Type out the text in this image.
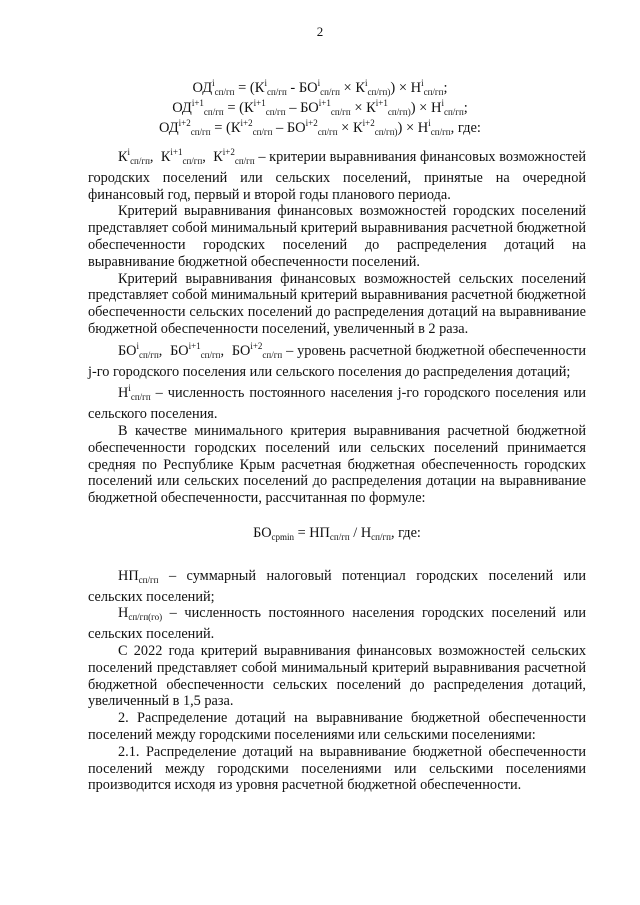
2
$ОД^i_{сп/гп} = (К^i_{сп/гп} - БО^i_{сп/гп} \times К^i_{сп/гп)}) \times Н^i_{сп/гп}$;
$ОД^{i+1}_{сп/гп} = (К^{i+1}_{сп/гп} - БО^{i+1}_{сп/гп} \times К^{i+1}_{сп/гп)}) \times Н^i_{сп/гп}$;
$ОД^{i+2}_{сп/гп} = (К^{i+2}_{сп/гп} - БО^{i+2}_{сп/гп} \times К^{i+2}_{сп/гп)}) \times Н^i_{сп/гп}$, где:

$К^i_{сп/гп}$,  $К^{i+1}_{сп/гп}$,  $К^{i+2}_{сп/гп}$ – критерии выравнивания финансовых возможностей городских поселений или сельских поселений, принятые на очередной финансовый год, первый и второй годы планового периода.

Критерий выравнивания финансовых возможностей городских поселений представляет собой минимальный критерий выравнивания расчетной бюджетной обеспеченности городских поселений до распределения дотаций на выравнивание бюджетной обеспеченности поселений.

Критерий выравнивания финансовых возможностей сельских поселений представляет собой минимальный критерий выравнивания расчетной бюджетной обеспеченности сельских поселений до распределения дотаций на выравнивание бюджетной обеспеченности поселений, увеличенный в 2 раза.

$БО^i_{сп/гп}$,  $БО^{i+1}_{сп/гп}$,  $БО^{i+2}_{сп/гп}$ – уровень расчетной бюджетной обеспеченности j-го городского поселения или сельского поселения до распределения дотаций;

$Н^i_{сп/гп}$ – численность постоянного населения j-го городского поселения или сельского поселения.

В качестве минимального критерия выравнивания расчетной бюджетной обеспеченности городских поселений или сельских поселений принимается средняя по Республике Крым расчетная бюджетная обеспеченность городских поселений или сельских поселений до распределения дотации на выравнивание бюджетной обеспеченности, рассчитанная по формуле:

$БО_{срmin} = НП_{сп/гп} / Н_{сп/гп}$, где:

$НП_{сп/гп}$ – суммарный налоговый потенциал городских поселений или сельских поселений;

$Н_{сп/гп(го)}$ – численность постоянного населения городских поселений или сельских поселений.

С 2022 года критерий выравнивания финансовых возможностей сельских поселений представляет собой минимальный критерий выравнивания расчетной бюджетной обеспеченности сельских поселений до распределения дотаций, увеличенный в 1,5 раза.

2. Распределение дотаций на выравнивание бюджетной обеспеченности поселений между городскими поселениями или сельскими поселениями:

2.1. Распределение дотаций на выравнивание бюджетной обеспеченности поселений между городскими поселениями или сельскими поселениями производится исходя из уровня расчетной бюджетной обеспеченности.
